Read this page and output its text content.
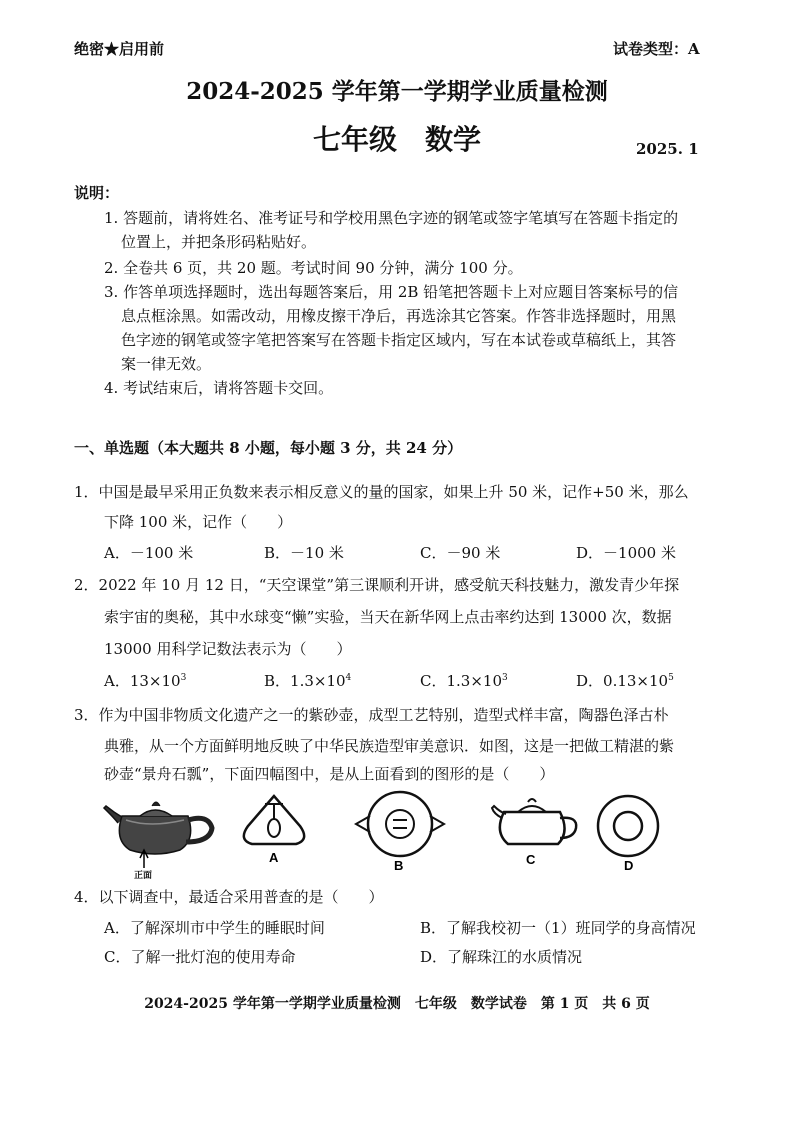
绝密★启用前	试卷类型：A
2024-2025 学年第一学期学业质量检测
七年级　数学	2025. 1
说明：
1. 答题前，请将姓名、准考证号和学校用黑色字迹的钢笔或签字笔填写在答题卡指定的
位置上，并把条形码粘贴好。
2. 全卷共 6 页，共 20 题。考试时间 90 分钟，满分 100 分。
3. 作答单项选择题时，选出每题答案后，用 2B 铅笔把答题卡上对应题目答案标号的信
息点框涂黑。如需改动，用橡皮擦干净后，再选涂其它答案。作答非选择题时，用黑
色字迹的钢笔或签字笔把答案写在答题卡指定区域内，写在本试卷或草稿纸上，其答
案一律无效。
4. 考试结束后，请将答题卡交回。
一、单选题（本大题共 8 小题，每小题 3 分，共 24 分）
1．中国是最早采用正负数来表示相反意义的量的国家，如果上升 50 米，记作+50 米，那么
下降 100 米，记作（　　）
A．－100 米	B．－10 米	C．－90 米	D．－1000 米
2．2022 年 10 月 12 日，“天空课堂”第三课顺利开讲，感受航天科技魅力，激发青少年探
索宇宙的奥秘，其中水球变“懒”实验，当天在新华网上点击率约达到 13000 次，数据
13000 用科学记数法表示为（　　）
A．$13\times 10^3$	B．$1.3\times 10^4$	C．$1.3\times 10^3$	D．$0.13\times 10^5$
3．作为中国非物质文化遗产之一的紫砂壶，成型工艺特别，造型式样丰富，陶器色泽古朴
典雅，从一个方面鲜明地反映了中华民族造型审美意识．如图，这是一把做工精湛的紫
砂壶“景舟石瓢”，下面四幅图中，是从上面看到的图形的是（　　）
正面
A
B	C	D
4．以下调查中，最适合采用普查的是（　　）
A．了解深圳市中学生的睡眠时间	B．了解我校初一（1）班同学的身高情况
C．了解一批灯泡的使用寿命	D．了解珠江的水质情况
2024-2025 学年第一学期学业质量检测　七年级　数学试卷　第 1 页　共 6 页
